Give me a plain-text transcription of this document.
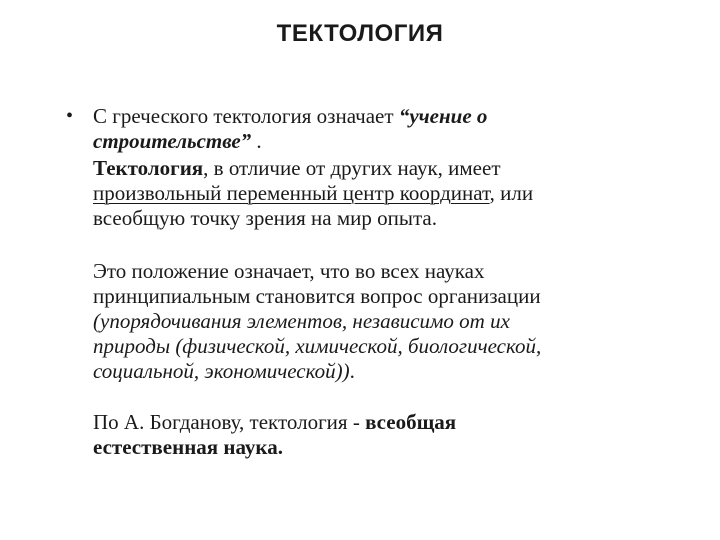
ТЕКТОЛОГИЯ
• С греческого тектология означает “учение о
строительстве” .
Тектология, в отличие от других наук, имеет
произвольный переменный центр координат, или
всеобщую точку зрения на мир опыта.
Это положение означает, что во всех науках
принципиальным становится вопрос организации
(упорядочивания элементов, независимо от их
природы (физической, химической, биологической,
социальной, экономической)).
По А. Богданову, тектология - всеобщая
естественная наука.
